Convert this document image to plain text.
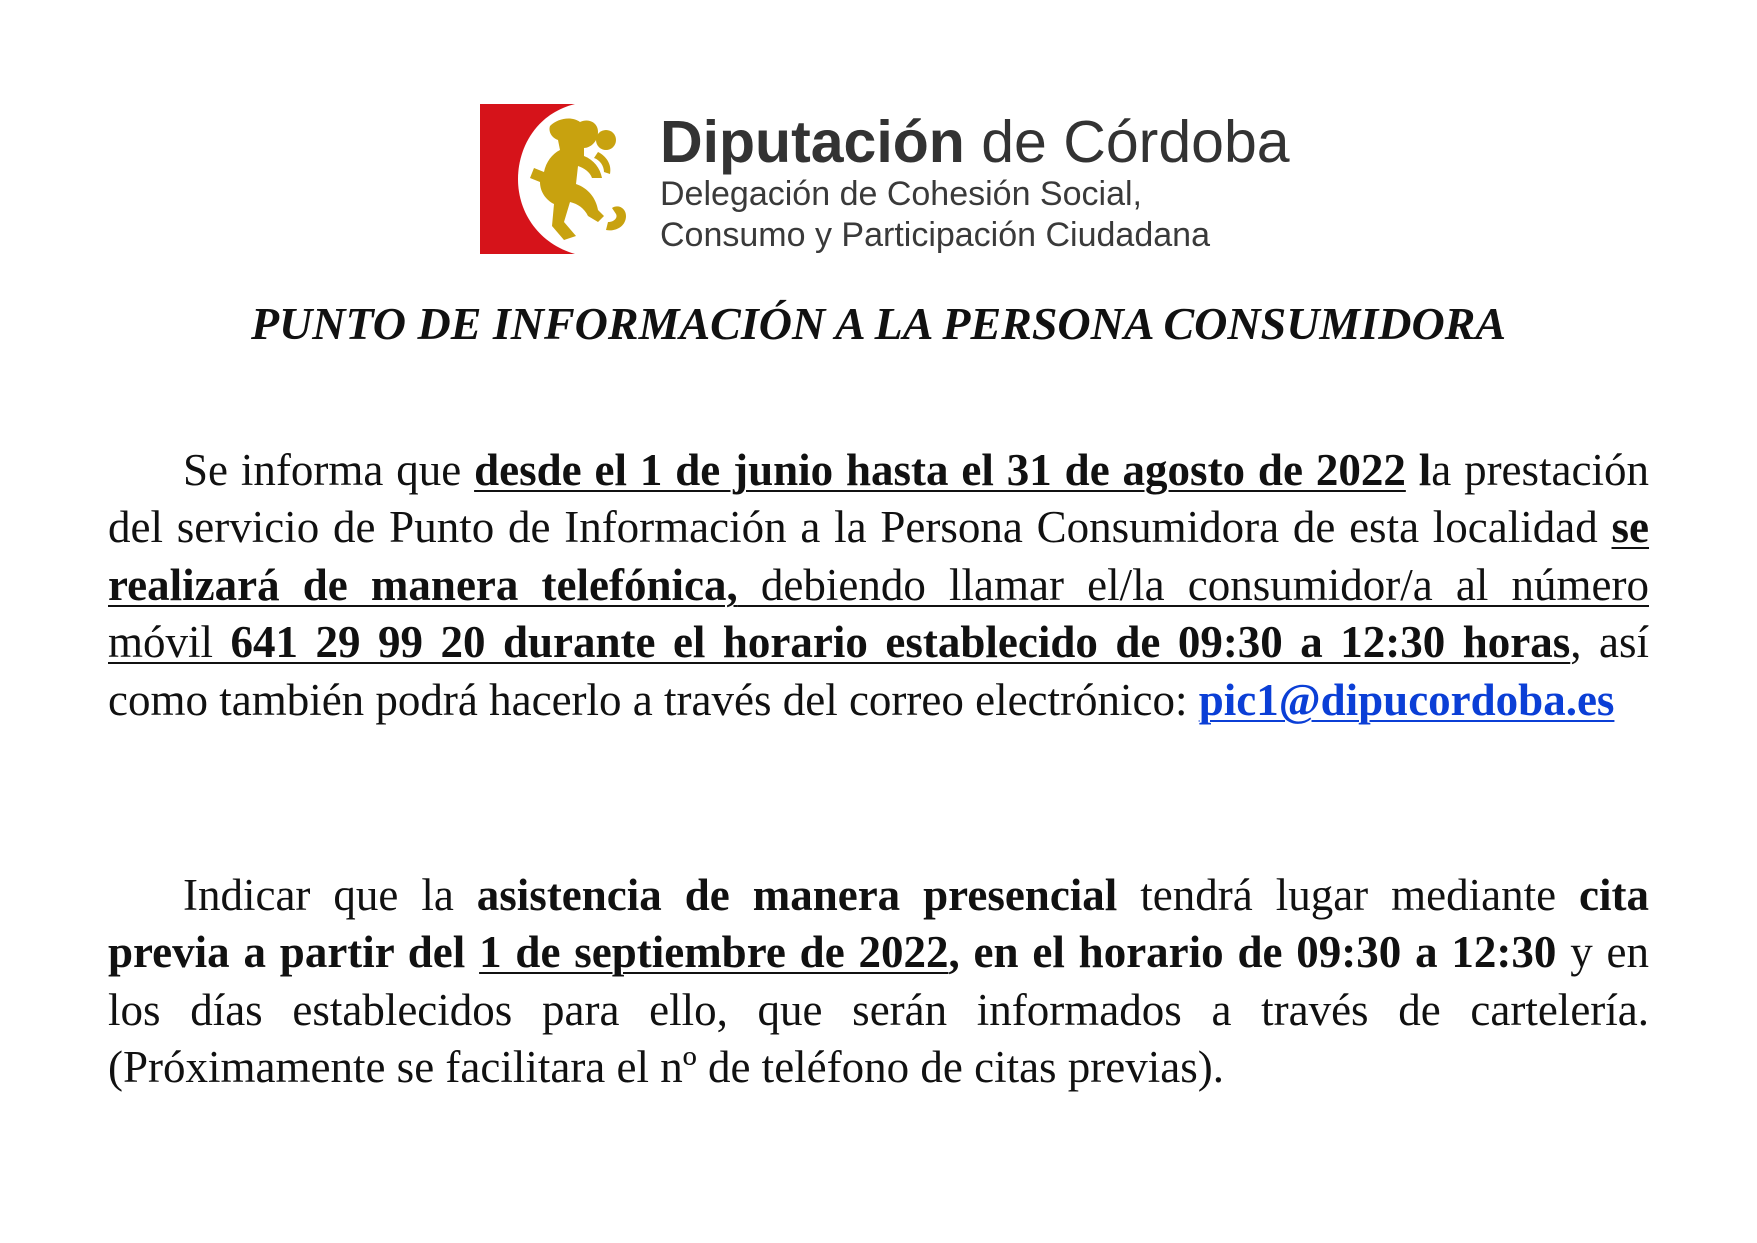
Diputación de Córdoba
Delegación de Cohesión Social,
Consumo y Participación Ciudadana
PUNTO DE INFORMACIÓN A LA PERSONA CONSUMIDORA

Se informa que desde el 1 de junio hasta el 31 de agosto de 2022 la prestación del servicio de Punto de Información a la Persona Consumidora de esta localidad se realizará de manera telefónica, debiendo llamar el/la consumidor/a al número móvil 641 29 99 20 durante el horario establecido de 09:30 a 12:30 horas, así como también podrá hacerlo a través del correo electrónico: pic1@dipucordoba.es

Indicar que la asistencia de manera presencial tendrá lugar mediante cita previa a partir del 1 de septiembre de 2022, en el horario de 09:30 a 12:30 y en los días establecidos para ello, que serán informados a través de cartelería. (Próximamente se facilitara el nº de teléfono de citas previas).
